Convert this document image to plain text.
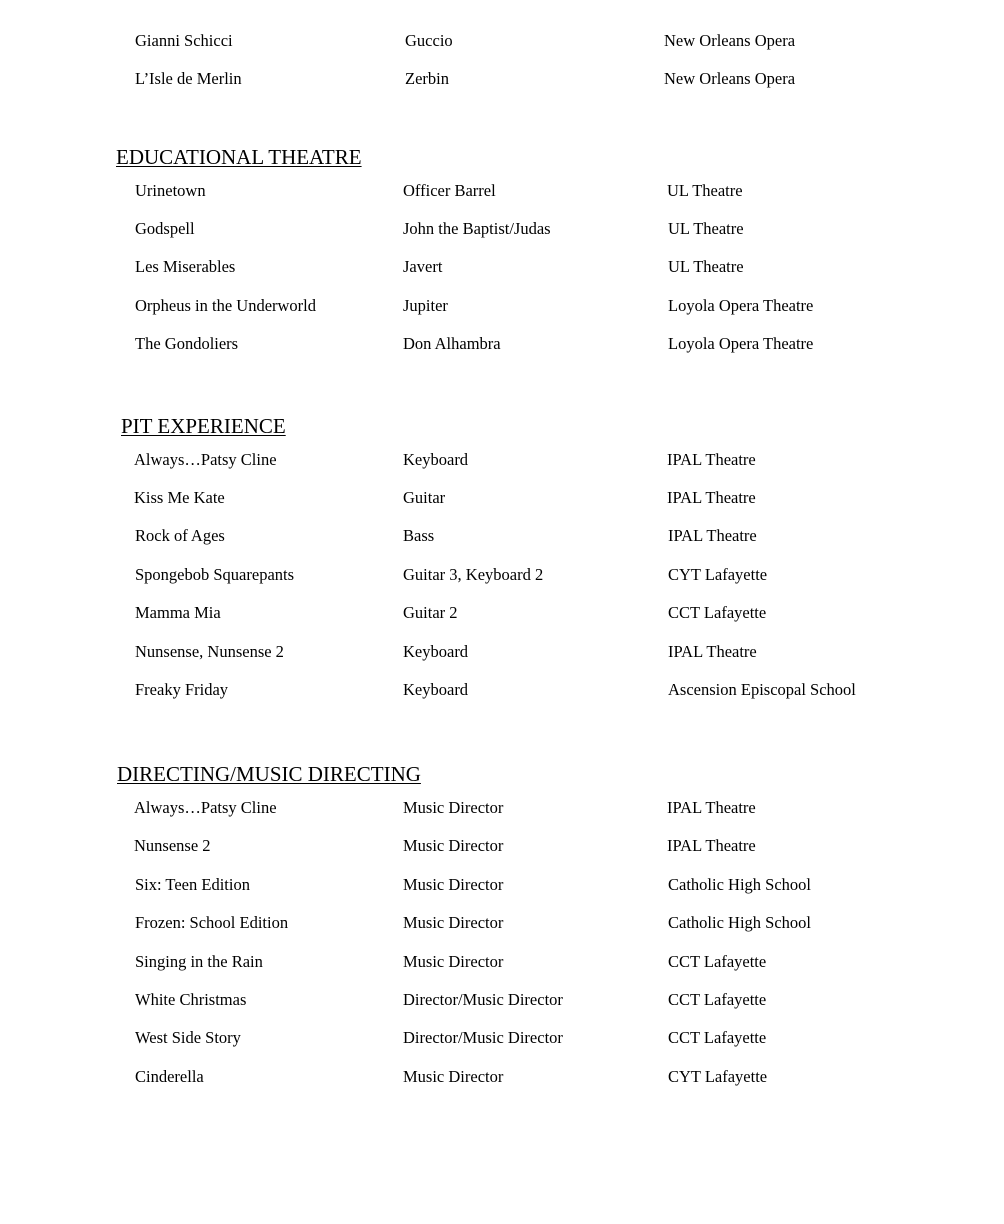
Gianni Schicci	Guccio	New Orleans Opera
L’Isle de Merlin	Zerbin	New Orleans Opera
EDUCATIONAL THEATRE
Urinetown	Officer Barrel	UL Theatre
Godspell	John the Baptist/Judas	UL Theatre
Les Miserables	Javert	UL Theatre
Orpheus in the Underworld	Jupiter	Loyola Opera Theatre
The Gondoliers	Don Alhambra	Loyola Opera Theatre
PIT EXPERIENCE
Always…Patsy Cline	Keyboard	IPAL Theatre
Kiss Me Kate	Guitar	IPAL Theatre
Rock of Ages	Bass	IPAL Theatre
Spongebob Squarepants	Guitar 3, Keyboard 2	CYT Lafayette
Mamma Mia	Guitar 2	CCT Lafayette
Nunsense, Nunsense 2	Keyboard	IPAL Theatre
Freaky Friday	Keyboard	Ascension Episcopal School
DIRECTING/MUSIC DIRECTING
Always…Patsy Cline	Music Director	IPAL Theatre
Nunsense 2	Music Director	IPAL Theatre
Six: Teen Edition	Music Director	Catholic High School
Frozen: School Edition	Music Director	Catholic High School
Singing in the Rain	Music Director	CCT Lafayette
White Christmas	Director/Music Director	CCT Lafayette
West Side Story	Director/Music Director	CCT Lafayette
Cinderella	Music Director	CYT Lafayette
